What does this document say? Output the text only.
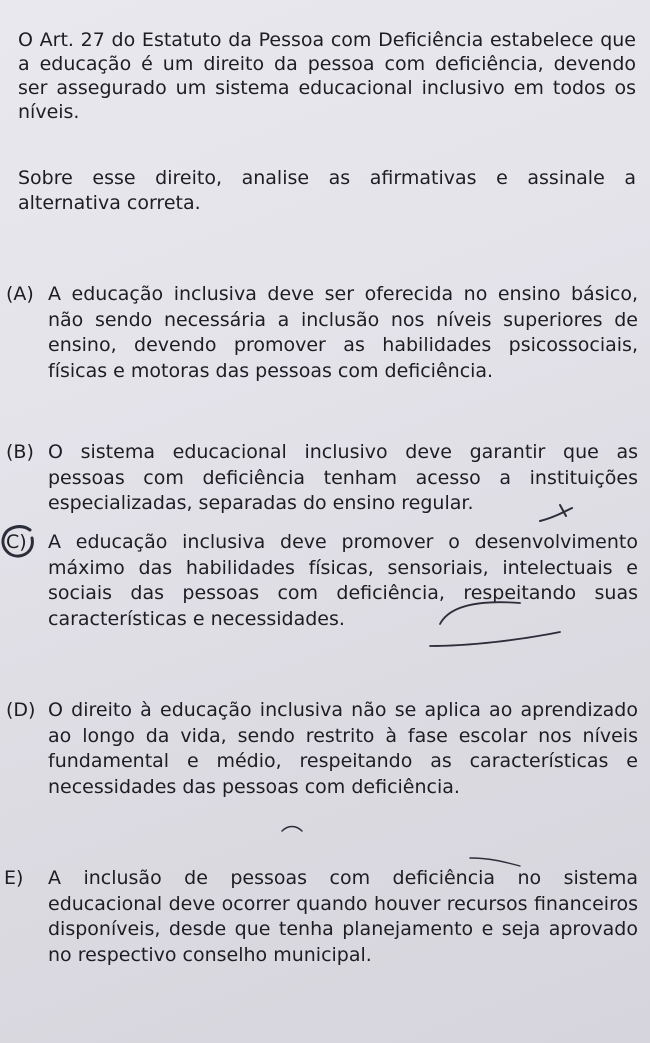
O Art. 27 do Estatuto da Pessoa com Deficiência estabelece que a educação é um direito da pessoa com deficiência, devendo ser assegurado um sistema educacional inclusivo em todos os níveis.

Sobre esse direito, analise as afirmativas e assinale a alternativa correta.

(A) A educação inclusiva deve ser oferecida no ensino básico, não sendo necessária a inclusão nos níveis superiores de ensino, devendo promover as habilidades psicossociais, físicas e motoras das pessoas com deficiência.
(B) O sistema educacional inclusivo deve garantir que as pessoas com deficiência tenham acesso a instituições especializadas, separadas do ensino regular.
C)	A educação inclusiva deve promover o desenvolvimento máximo das habilidades físicas, sensoriais, intelectuais e sociais das pessoas com deficiência, respeitando suas características e necessidades.
(D) O direito à educação inclusiva não se aplica ao aprendizado ao longo da vida, sendo restrito à fase escolar nos níveis fundamental e médio, respeitando as características e necessidades das pessoas com deficiência.
E)	A inclusão de pessoas com deficiência no sistema educacional deve ocorrer quando houver recursos financeiros disponíveis, desde que tenha planejamento e seja aprovado no respectivo conselho municipal.
